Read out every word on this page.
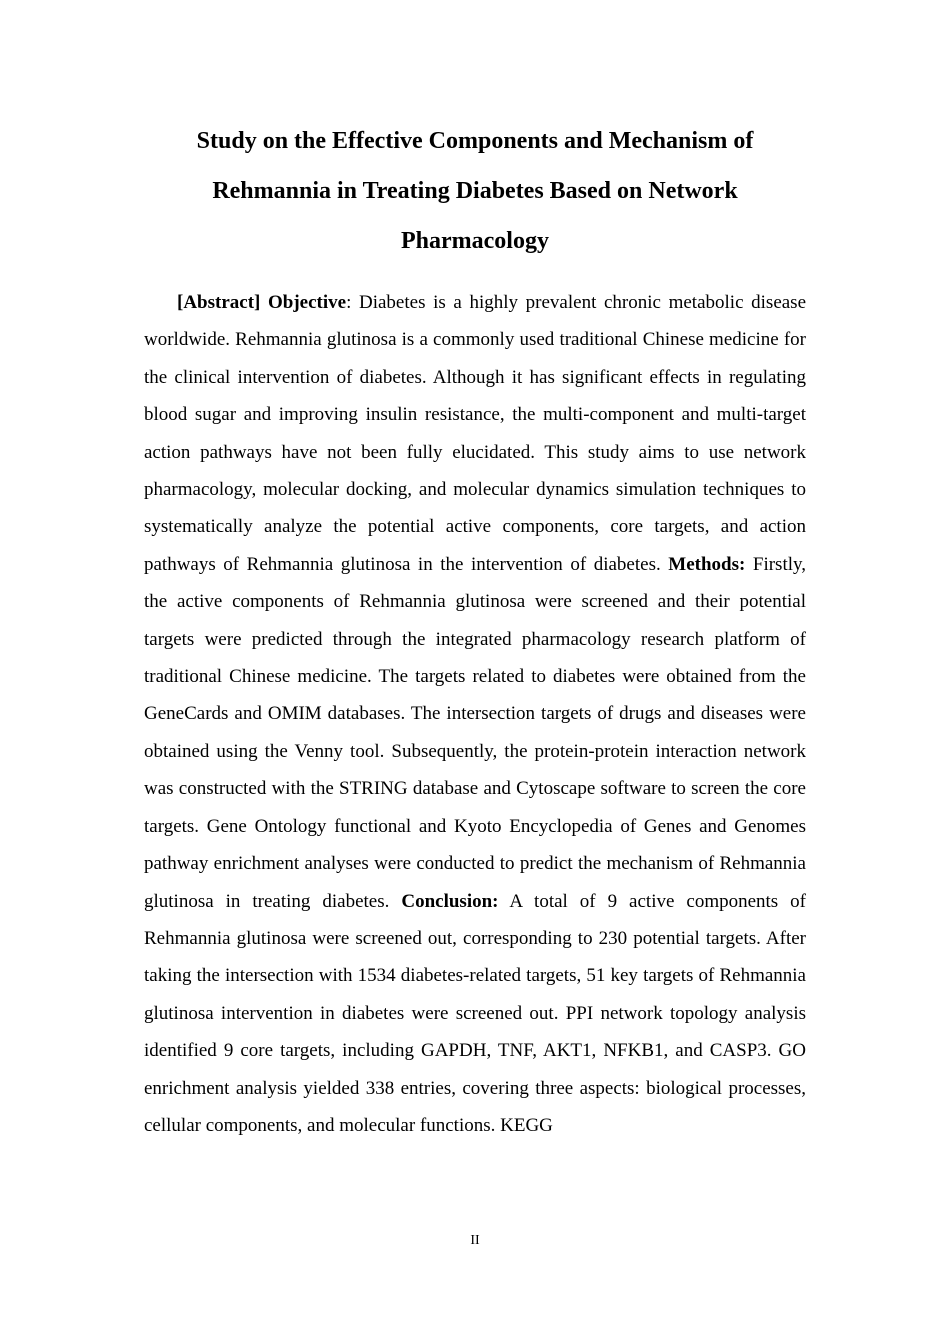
Study on the Effective Components and Mechanism of Rehmannia in Treating Diabetes Based on Network Pharmacology

[Abstract] Objective: Diabetes is a highly prevalent chronic metabolic disease worldwide. Rehmannia glutinosa is a commonly used traditional Chinese medicine for the clinical intervention of diabetes. Although it has significant effects in regulating blood sugar and improving insulin resistance, the multi-component and multi-target action pathways have not been fully elucidated. This study aims to use network pharmacology, molecular docking, and molecular dynamics simulation techniques to systematically analyze the potential active components, core targets, and action pathways of Rehmannia glutinosa in the intervention of diabetes. Methods: Firstly, the active components of Rehmannia glutinosa were screened and their potential targets were predicted through the integrated pharmacology research platform of traditional Chinese medicine. The targets related to diabetes were obtained from the GeneCards and OMIM databases. The intersection targets of drugs and diseases were obtained using the Venny tool. Subsequently, the protein-protein interaction network was constructed with the STRING database and Cytoscape software to screen the core targets. Gene Ontology functional and Kyoto Encyclopedia of Genes and Genomes pathway enrichment analyses were conducted to predict the mechanism of Rehmannia glutinosa in treating diabetes. Conclusion: A total of 9 active components of Rehmannia glutinosa were screened out, corresponding to 230 potential targets. After taking the intersection with 1534 diabetes-related targets, 51 key targets of Rehmannia glutinosa intervention in diabetes were screened out. PPI network topology analysis identified 9 core targets, including GAPDH, TNF, AKT1, NFKB1, and CASP3. GO enrichment analysis yielded 338 entries, covering three aspects: biological processes, cellular components, and molecular functions. KEGG

II
